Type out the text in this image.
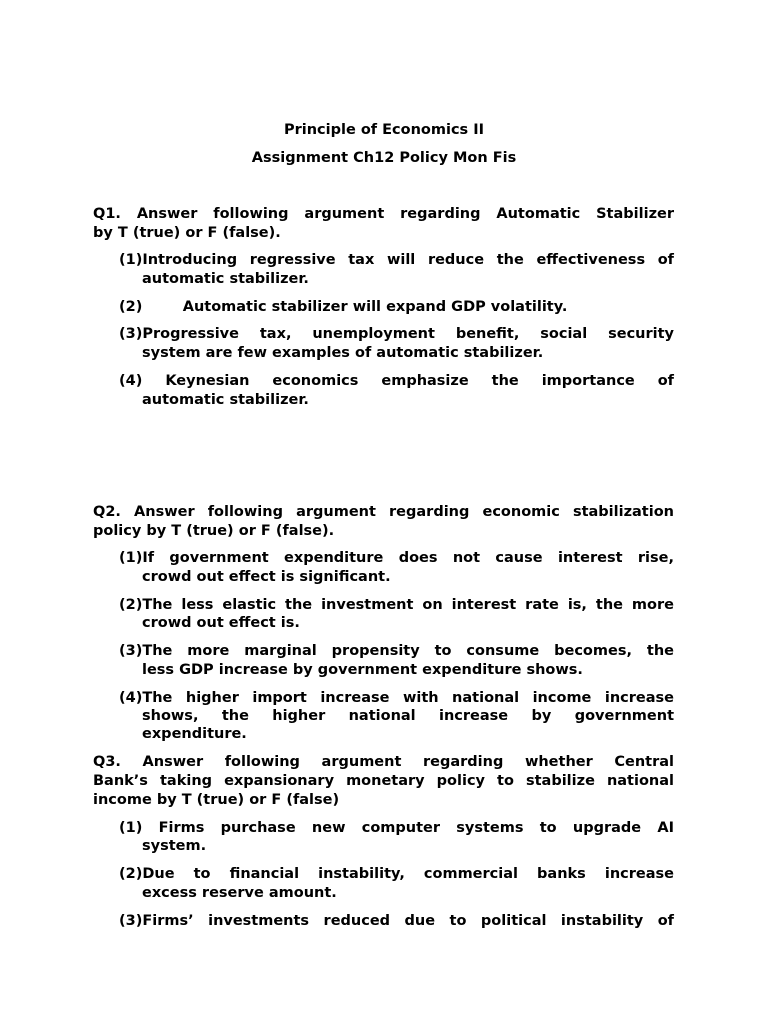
Principle of Economics II
Assignment Ch12 Policy Mon Fis
Q1. Answer following argument regarding Automatic Stabilizer
by T (true) or F (false).
(1)Introducing regressive tax will reduce the effectiveness of
automatic stabilizer.
(2)        Automatic stabilizer will expand GDP volatility.
(3)Progressive tax, unemployment benefit, social security
system are few examples of automatic stabilizer.
(4) Keynesian economics emphasize the importance of
automatic stabilizer.
Q2. Answer following argument regarding economic stabilization
policy by T (true) or F (false).
(1)If government expenditure does not cause interest rise,
crowd out effect is significant.
(2)The less elastic the investment on interest rate is, the more
crowd out effect is.
(3)The more marginal propensity to consume becomes, the
less GDP increase by government expenditure shows.
(4)The higher import increase with national income increase
shows, the higher national increase by government
expenditure.
Q3. Answer following argument regarding whether Central
Bank’s taking expansionary monetary policy to stabilize national
income by T (true) or F (false)
(1) Firms purchase new computer systems to upgrade AI
system.
(2)Due to financial instability, commercial banks increase
excess reserve amount.
(3)Firms’ investments reduced due to political instability of
